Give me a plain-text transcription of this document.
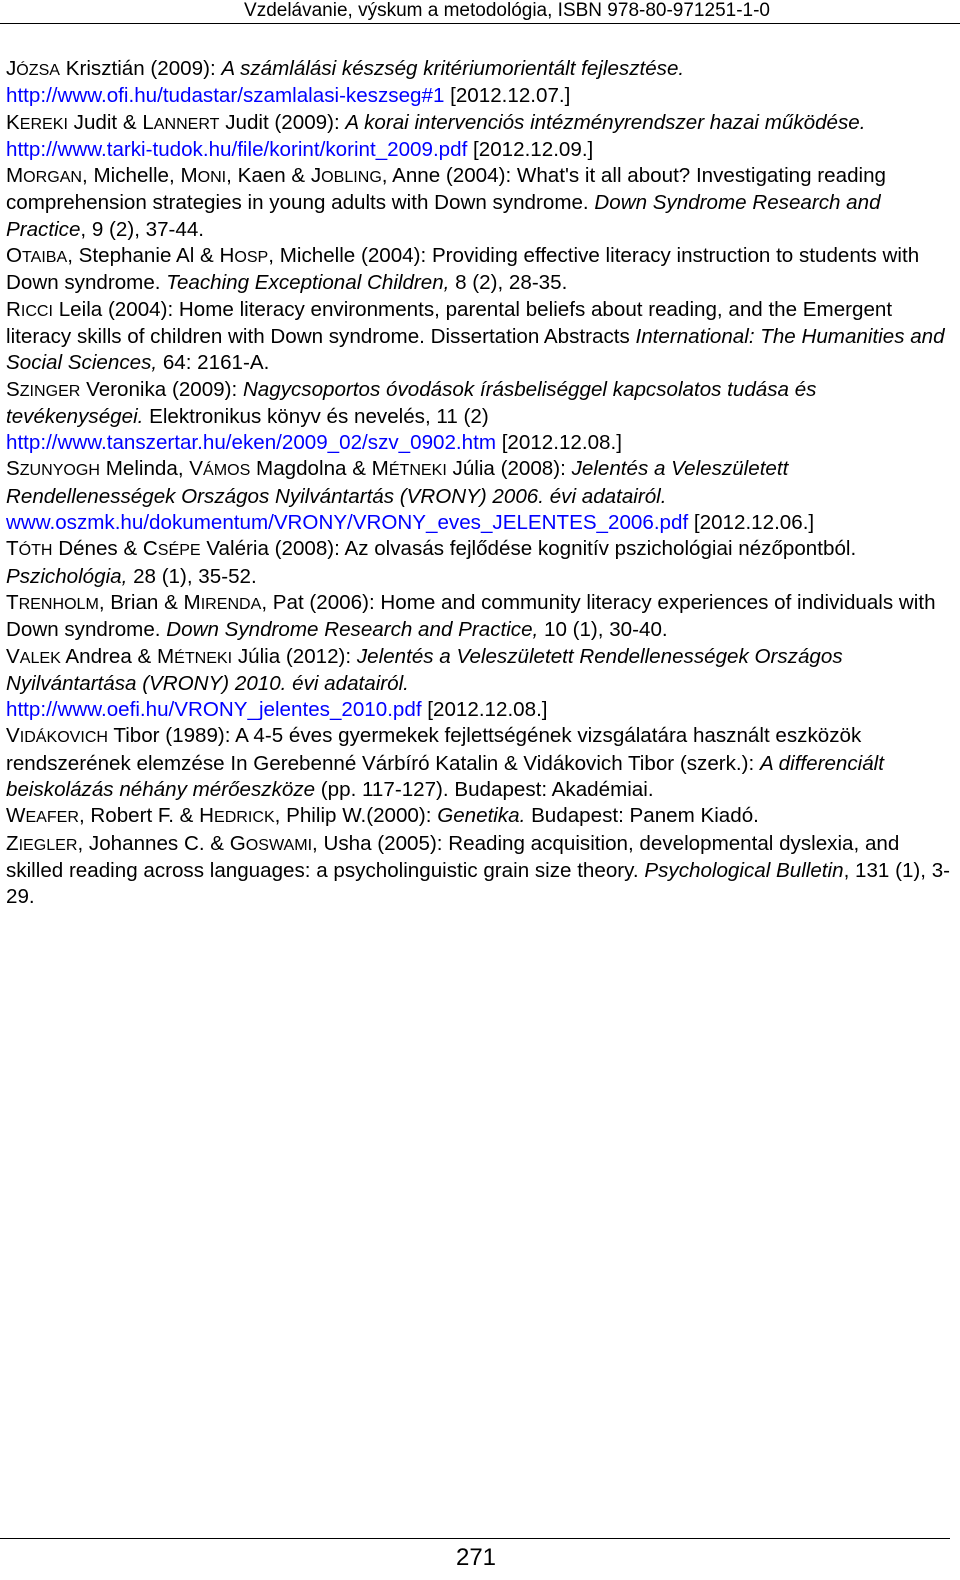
Vzdelávanie, výskum a metodológia, ISBN 978-80-971251-1-0

JÓZSA Krisztián (2009): A számlálási készség kritériumorientált fejlesztése.
http://www.ofi.hu/tudastar/szamlalasi-keszseg#1 [2012.12.07.]

KEREKI Judit & LANNERT Judit (2009): A korai intervenciós intézményrendszer hazai működése. http://www.tarki-tudok.hu/file/korint/korint_2009.pdf [2012.12.09.]

MORGAN, Michelle, MONI, Kaen & JOBLING, Anne (2004): What's it all about? Investigating reading comprehension strategies in young adults with Down syndrome. Down Syndrome Research and Practice, 9 (2), 37-44.

OTAIBA, Stephanie Al & HOSP, Michelle (2004): Providing effective literacy instruction to students with Down syndrome. Teaching Exceptional Children, 8 (2), 28-35.

RICCI Leila (2004): Home literacy environments, parental beliefs about reading, and the Emergent literacy skills of children with Down syndrome. Dissertation Abstracts International: The Humanities and Social Sciences, 64: 2161-A.

SZINGER Veronika (2009): Nagycsoportos óvodások írásbeliséggel kapcsolatos tudása és tevékenységei. Elektronikus könyv és nevelés, 11 (2)
http://www.tanszertar.hu/eken/2009_02/szv_0902.htm [2012.12.08.]

SZUNYOGH Melinda, VÁMOS Magdolna & MÉTNEKI Júlia (2008): Jelentés a Veleszületett Rendellenességek Országos Nyilvántartás (VRONY) 2006. évi adatairól.
www.oszmk.hu/dokumentum/VRONY/VRONY_eves_JELENTES_2006.pdf [2012.12.06.]

TÓTH Dénes & CSÉPE Valéria (2008): Az olvasás fejlődése kognitív pszichológiai nézőpontból. Pszichológia, 28 (1), 35-52.

TRENHOLM, Brian & MIRENDA, Pat (2006): Home and community literacy experiences of individuals with Down syndrome. Down Syndrome Research and Practice, 10 (1), 30-40.

VALEK Andrea & MÉTNEKI Júlia (2012): Jelentés a Veleszületett Rendellenességek Országos Nyilvántartása (VRONY) 2010. évi adatairól.
http://www.oefi.hu/VRONY_jelentes_2010.pdf [2012.12.08.]

VIDÁKOVICH Tibor (1989): A 4-5 éves gyermekek fejlettségének vizsgálatára használt eszközök rendszerének elemzése In Gerebenné Várbíró Katalin & Vidákovich Tibor (szerk.): A differenciált beiskolázás néhány mérőeszköze (pp. 117-127). Budapest: Akadémiai.

WEAFER, Robert F. & HEDRICK, Philip W.(2000): Genetika. Budapest: Panem Kiadó.

ZIEGLER, Johannes C. & GOSWAMI, Usha (2005): Reading acquisition, developmental dyslexia, and skilled reading across languages: a psycholinguistic grain size theory. Psychological Bulletin, 131 (1), 3-29.

271
